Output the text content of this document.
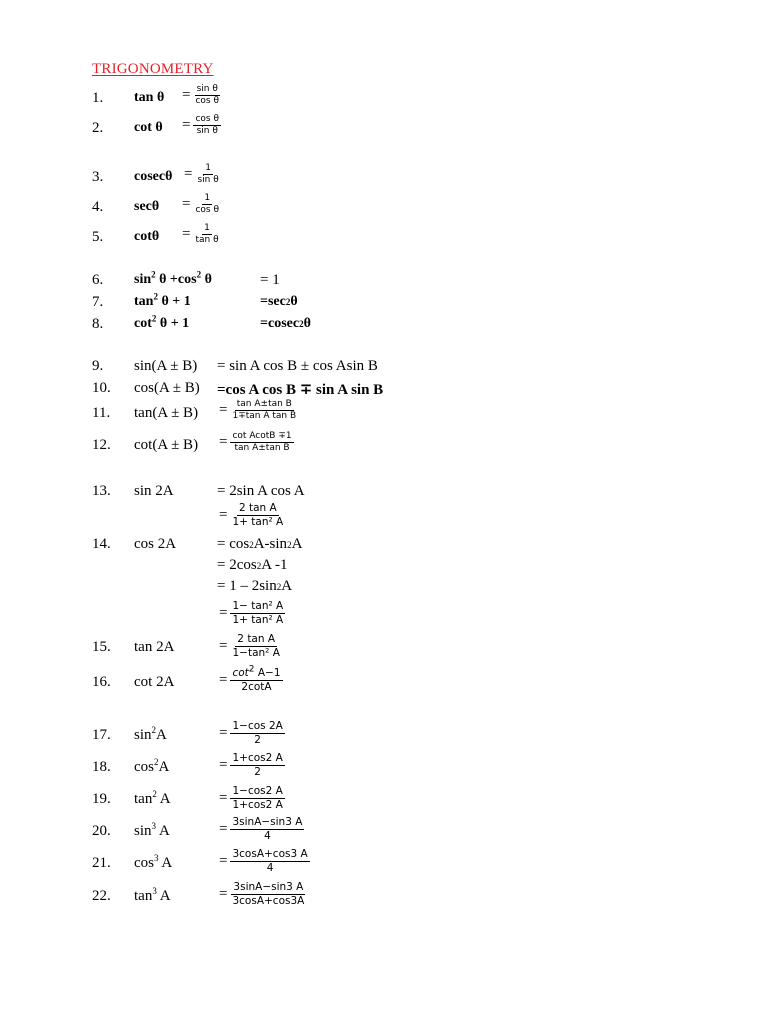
TRIGONOMETRY
1. $\tan \theta = \frac{\text{sin θ}}{\text{cos θ}}$
2. $\cot \theta = \frac{\text{cos θ}}{\text{sin θ}}$
3. $cosec\theta = \frac{1}{\text{sin θ}}$
4. $\sec\theta = \frac{1}{\text{cos θ}}$
5. $\cot\theta = \frac{1}{\text{tan θ}}$
6. $\sin^2 \theta +\cos^2$ θ	= 1
7. $\tan^2 \theta + 1$	=sec 2 θ
8. $\cot^2 \theta + 1$	=cosec 2 θ
9. sin(A ± B) = sin A cos B ± cos Asin B
10. cos(A ± B) =cos A cos B ∓ sin A sin B
11. $\tan(A \pm B) = \frac{\text{tan A±tan B}}{\text{1∓tan A tan B}}$
12. $\cot(A \pm B) = \frac{\text{cot AcotB ∓1}}{\text{tan A±tan B}}$
13. sin 2A	= 2sin A cos A
= $\frac{\text{2 tan A}}{\text{1+ tan² A}}$
14. cos 2A	= cos 2 A-sin 2 A
= 2cos 2 A -1
= 1 – 2sin 2 A
= $\frac{\text{1− tan² A}}{\text{1+ tan² A}}$
15. tan 2A	= $\frac{\text{2 tan A}}{\text{1−tan² A}}$
16. cot 2A	= $\frac{\cot^2 A-1}{2\cot A}$
17. $\sin^2A$	= $\frac{1-\cos 2A}{2}$
18. $\cos^2A$	= $\frac{1+\cos 2 A}{2}$
19. $\tan^2 A$	= $\frac{1-\cos 2 A}{1+\cos 2 A}$
20. $\sin^3 A$	= $\frac{3\sin A-\sin 3 A}{4}$
21. $\cos^3 A$	= $\frac{3\cos A+\cos 3 A}{4}$
22. $\tan^3 A$	= $\frac{3\sin A-\sin 3 A}{3\cos A+\cos 3A}$
